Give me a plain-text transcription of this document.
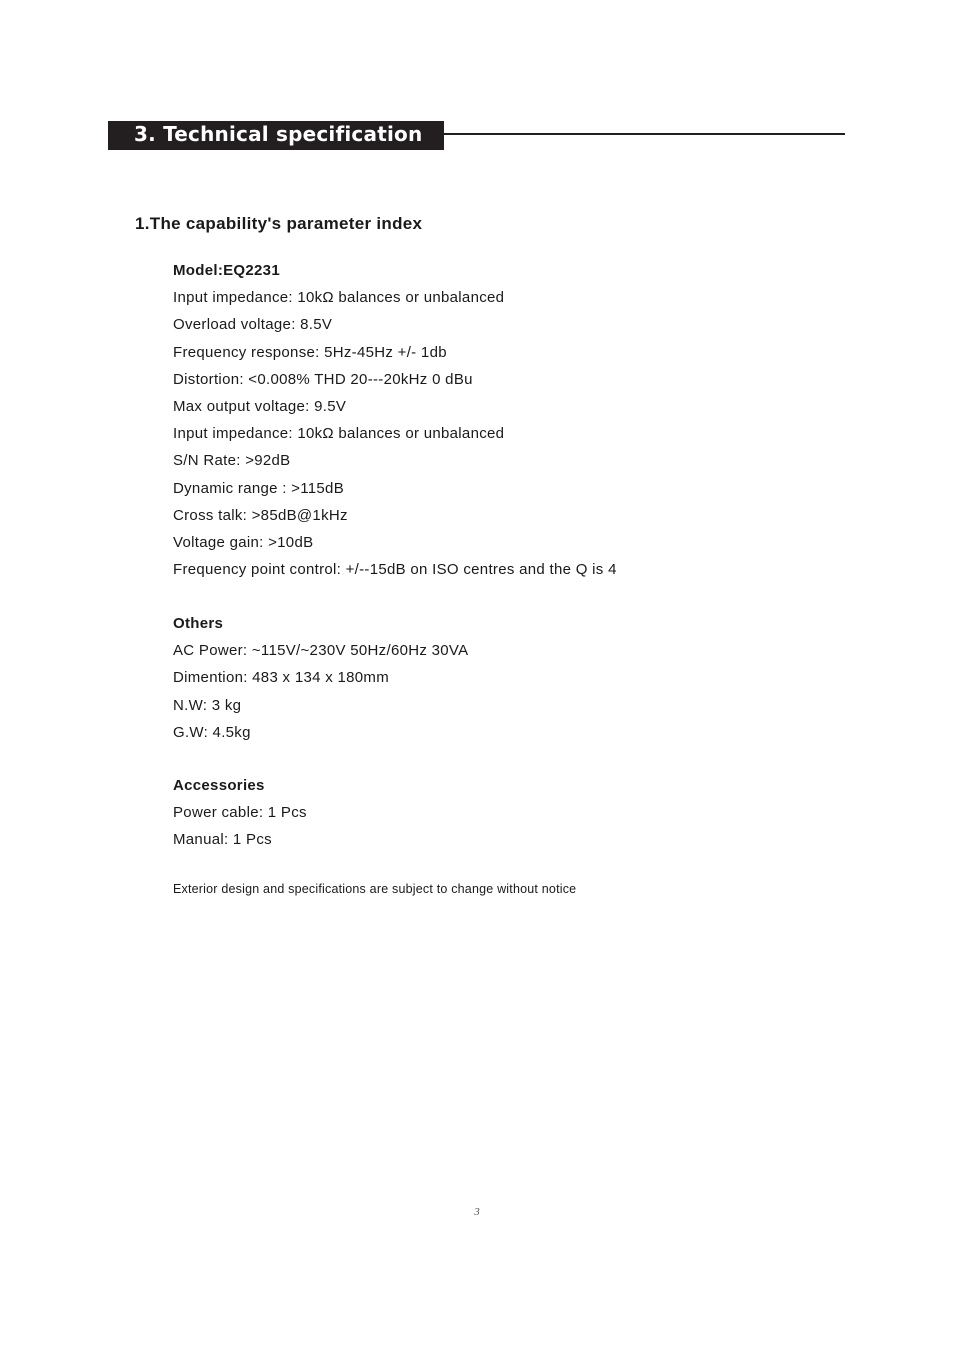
3. Technical specification
1.The capability's parameter index
Model:EQ2231
Input impedance: 10kΩ balances or unbalanced
Overload voltage: 8.5V
Frequency response: 5Hz-45Hz +/- 1db
Distortion: <0.008% THD 20---20kHz 0 dBu
Max output voltage: 9.5V
Input impedance: 10kΩ balances or unbalanced
S/N Rate: >92dB
Dynamic range : >115dB
Cross talk: >85dB@1kHz
Voltage gain: >10dB
Frequency point control: +/--15dB on ISO centres and the Q is 4
Others
AC Power: ~115V/~230V 50Hz/60Hz 30VA
Dimention: 483 x 134 x 180mm
N.W: 3 kg
G.W: 4.5kg
Accessories
Power cable: 1 Pcs
Manual: 1 Pcs
Exterior design and specifications are subject to change without notice
3
